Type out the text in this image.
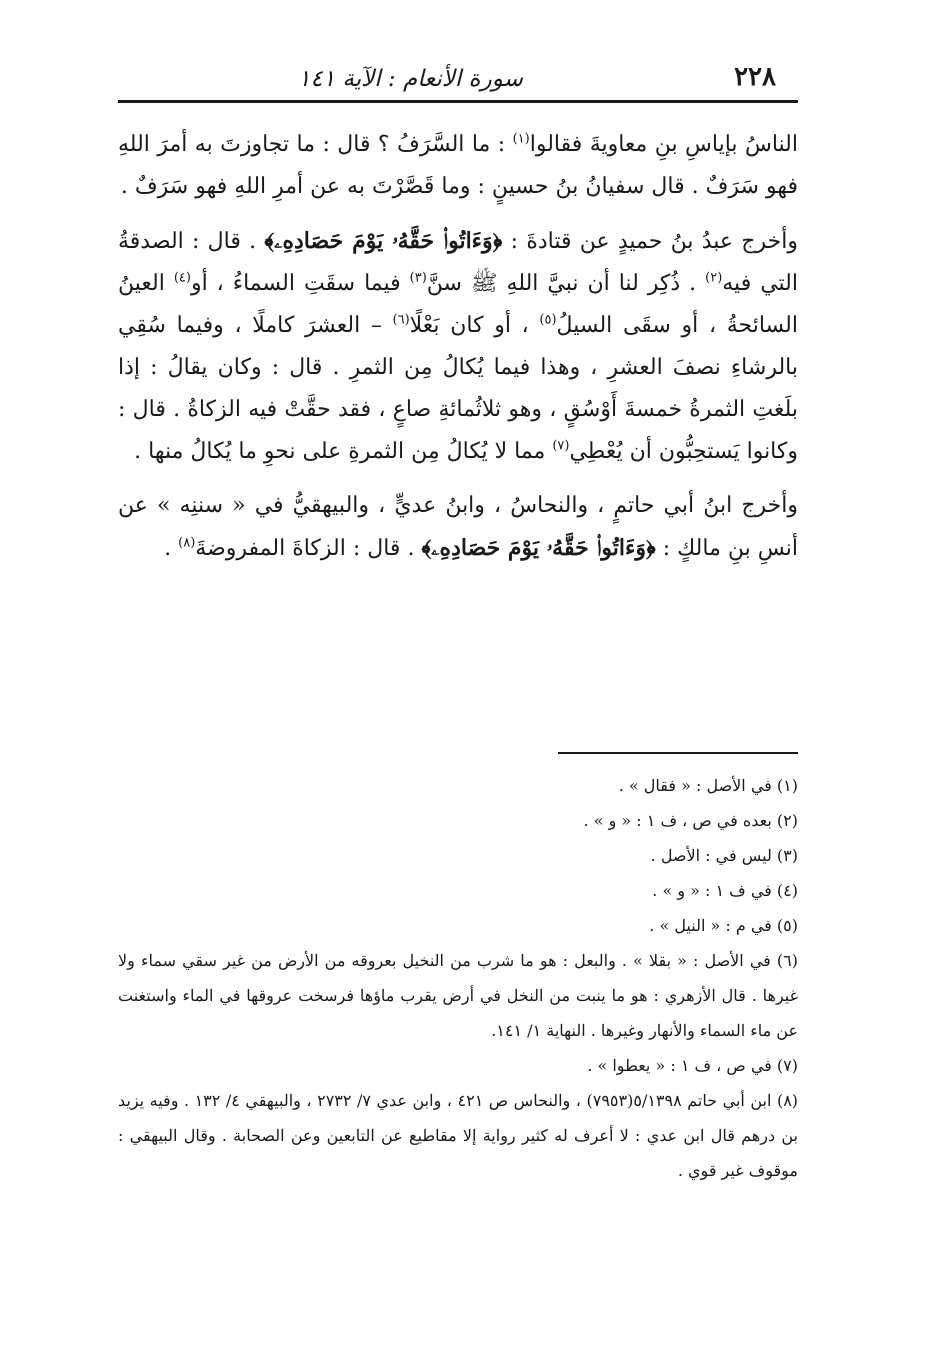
٢٢٨
سورة الأنعام : الآية ١٤١

الناسُ بإياسِ بنِ معاويةَ فقالوا$^{(١)}$ : ما السَّرَفُ ؟ قال : ما تجاوزتَ به أمرَ اللهِ فهو سَرَفٌ . قال سفيانُ بنُ حسينٍ : وما قَصَّرْتَ به عن أمرِ اللهِ فهو سَرَفٌ .

وأخرج عبدُ بنُ حميدٍ عن قتادةَ : ﴿وَءَاتُوا۟ حَقَّهُۥ يَوْمَ حَصَادِهِۦ﴾ . قال : الصدقةُ التي فيه$^{(٢)}$ . ذُكِر لنا أن نبيَّ اللهِ ﷺ سنَّ$^{(٣)}$ فيما سقَتِ السماءُ ، أو$^{(٤)}$ العينُ السائحةُ ، أو سقَى السيلُ$^{(٥)}$ ، أو كان بَعْلًا$^{(٦)}$ – العشرَ كاملًا ، وفيما سُقِي بالرشاءِ نصفَ العشرِ ، وهذا فيما يُكالُ مِن الثمرِ . قال : وكان يقالُ : إذا بلَغتِ الثمرةُ خمسةَ أَوْسُقٍ ، وهو ثلاثُمائةِ صاعٍ ، فقد حقَّتْ فيه الزكاةُ . قال : وكانوا يَستحِبُّون أن يُعْطِي$^{(٧)}$ مما لا يُكالُ مِن الثمرةِ على نحوِ ما يُكالُ منها .

وأخرج ابنُ أبي حاتمٍ ، والنحاسُ ، وابنُ عديٍّ ، والبيهقيُّ في « سننِه » عن أنسِ بنِ مالكٍ : ﴿وَءَاتُوا۟ حَقَّهُۥ يَوْمَ حَصَادِهِۦ﴾ . قال : الزكاةَ المفروضةَ$^{(٨)}$ .

(١) في الأصل : « فقال » .

(٢) بعده في ص ، ف ١ : « و » .

(٣) ليس في : الأصل .

(٤) في ف ١ : « و » .

(٥) في م : « النيل » .

(٦) في الأصل : « بقلا » . والبعل : هو ما شرب من النخيل بعروقه من الأرض من غير سقي سماء ولا غيرها . قال الأزهري : هو ما ينبت من النخل في أرض يقرب ماؤها فرسخت عروقها في الماء واستغنت عن ماء السماء والأنهار وغيرها . النهاية ١/ ١٤١.

(٧) في ص ، ف ١ : « يعطوا » .

(٨) ابن أبي حاتم ٥/١٣٩٨(٧٩٥٣) ، والنحاس ص ٤٢١ ، وابن عدي ٧/ ٢٧٣٢ ، والبيهقي ٤/ ١٣٢ . وفيه يزيد بن درهم قال ابن عدي : لا أعرف له كثير رواية إلا مقاطيع عن التابعين وعن الصحابة . وقال البيهقي : موقوف غير قوي .
